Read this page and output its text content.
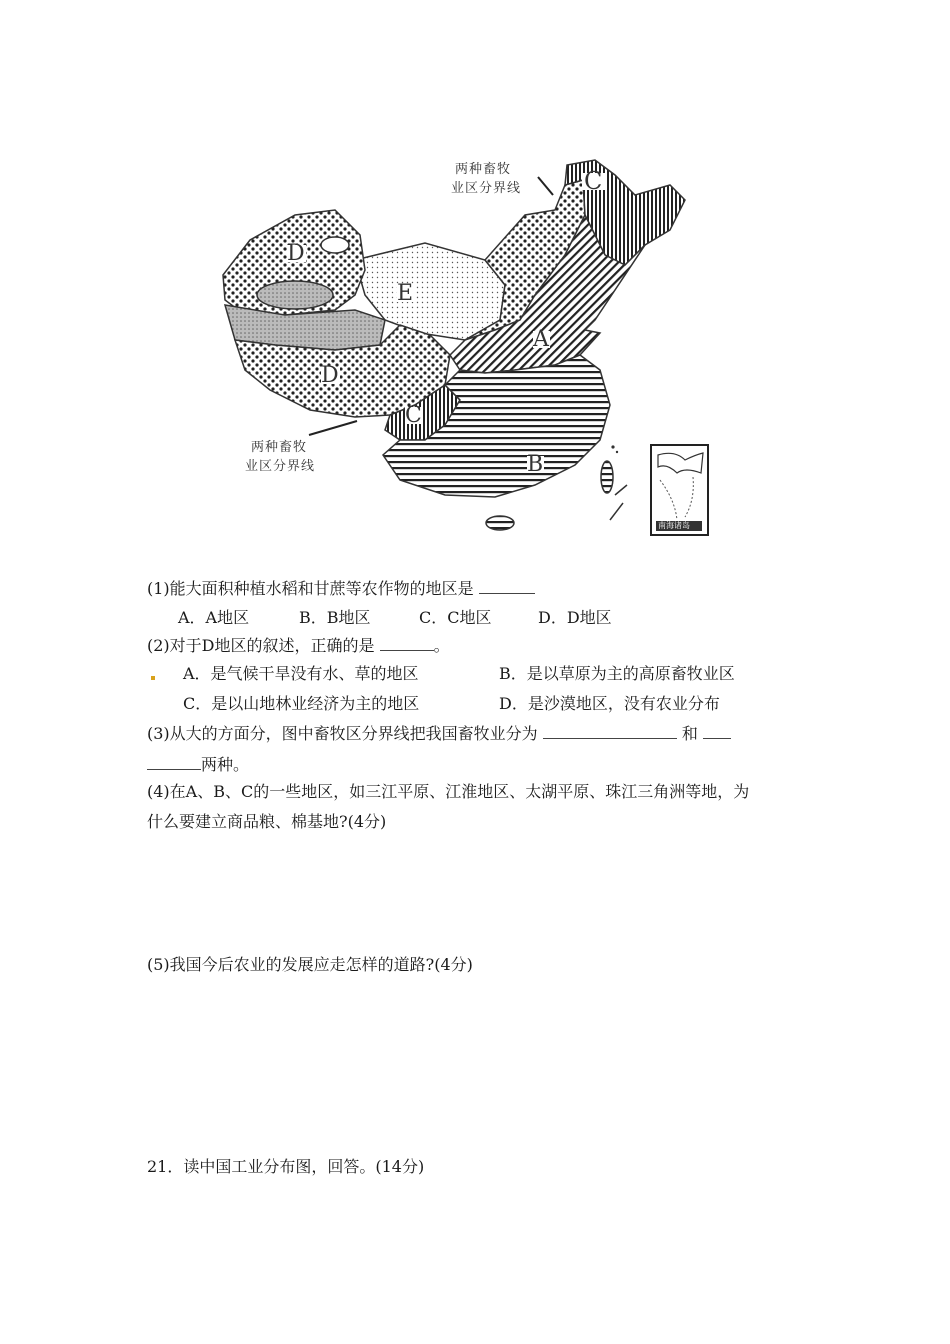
C
D
E
A
D
C
B
两种畜牧
业区分界线
两种畜牧
业区分界线
南海诸岛
(1)能大面积种植水稻和甘蔗等农作物的地区是
A．A地区	B．B地区	C．C地区	D．D地区
(2)对于D地区的叙述，正确的是	。
A．是气候干旱没有水、草的地区	B．是以草原为主的高原畜牧业区
C．是以山地林业经济为主的地区	D．是沙漠地区，没有农业分布
(3)从大的方面分，图中畜牧区分界线把我国畜牧业分为	和
两种。
(4)在A、B、C的一些地区，如三江平原、江淮地区、太湖平原、珠江三角洲等地，为
什么要建立商品粮、棉基地?(4分)
(5)我国今后农业的发展应走怎样的道路?(4分)
21．读中国工业分布图，回答。(14分)
